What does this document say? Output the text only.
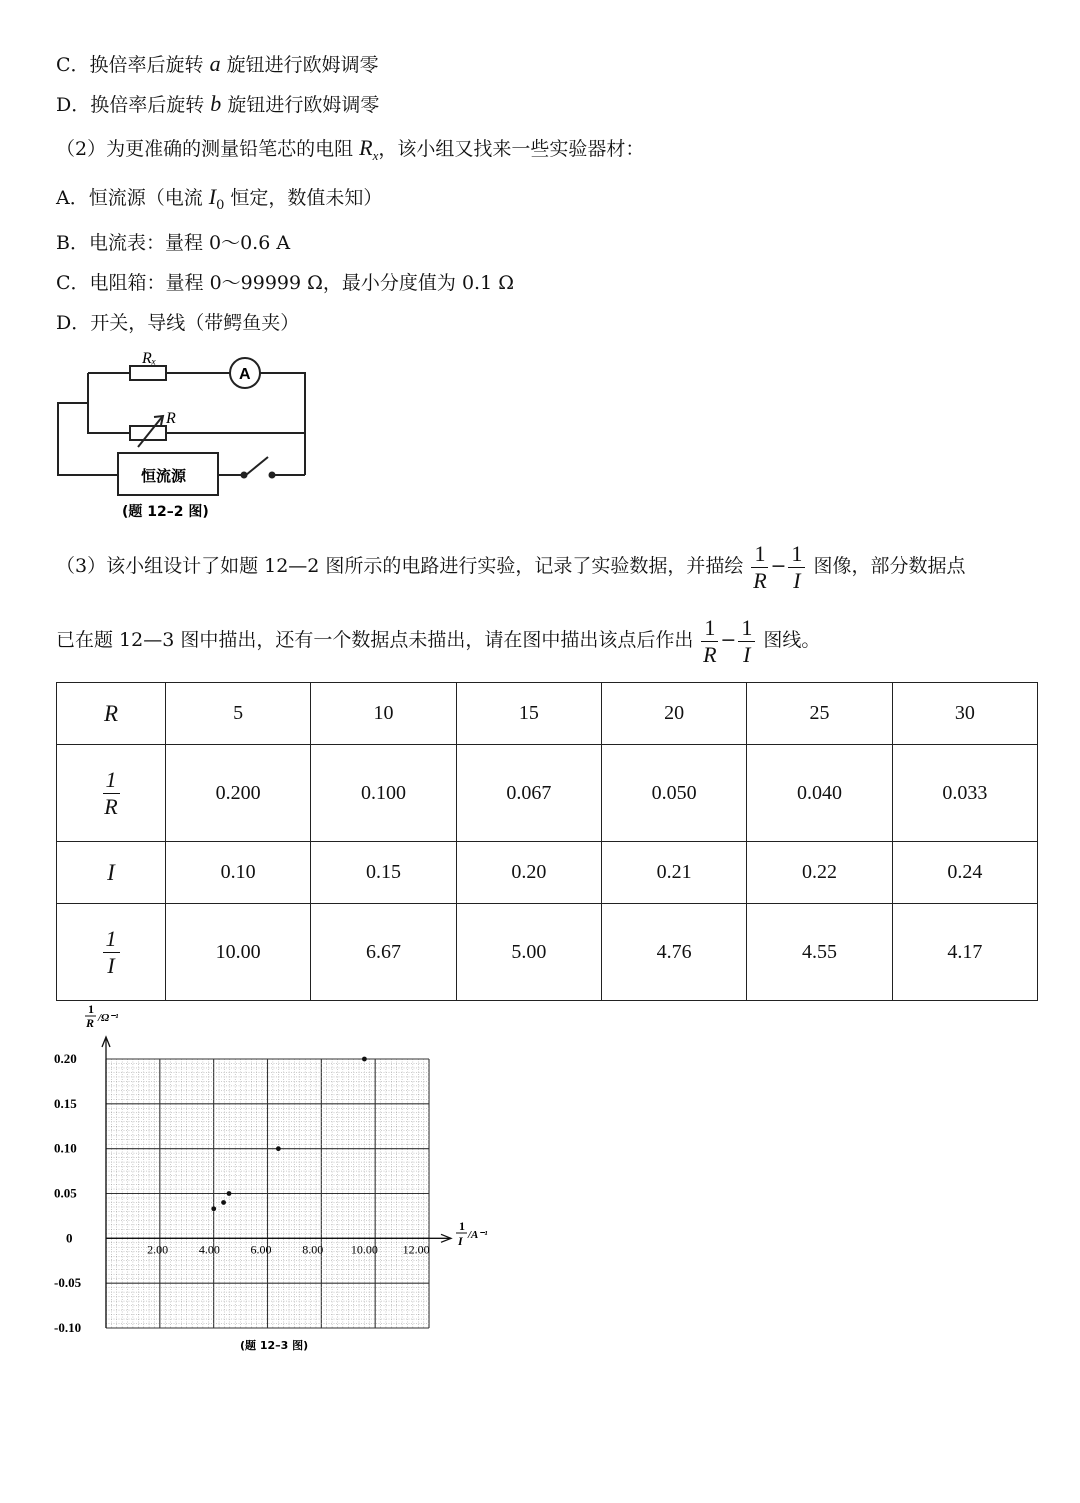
C．换倍率后旋转 a 旋钮进行欧姆调零
D．换倍率后旋转 b 旋钮进行欧姆调零
（2）为更准确的测量铅笔芯的电阻 $R_x$，该小组又找来一些实验器材：
A．恒流源（电流 $I_0$ 恒定，数值未知）
B．电流表：量程 0～0.6 A
C．电阻箱：量程 0～99999 Ω，最小分度值为 0.1 Ω
D．开关，导线（带鳄鱼夹）
Rₓ
A
R
恒流源
(题 12–2 图)
（3）该小组设计了如题 12—2 图所示的电路进行实验，记录了实验数据，并描绘 $\frac{1}{R} - \frac{1}{I}$ 图像，部分数据点
已在题 12—3 图中描出，还有一个数据点未描出，请在图中描出该点后作出 $\frac{1}{R} - \frac{1}{I}$ 图线。
R	5	10	15	20	25	30

$\frac{1}{R}$	0.200	0.100	0.067	0.050	0.040	0.033
I	0.10	0.15	0.20	0.21	0.22	0.24

$\frac{1}{I}$	10.00	6.67	5.00	4.76	4.55	4.17
0.20
0.15
0.10
0.05
0
-0.05
-0.10
2.00	4.00	6.00	8.00 10.00 12.00
1
R /Ω⁻¹
1
I /A⁻¹
(题 12–3 图)
